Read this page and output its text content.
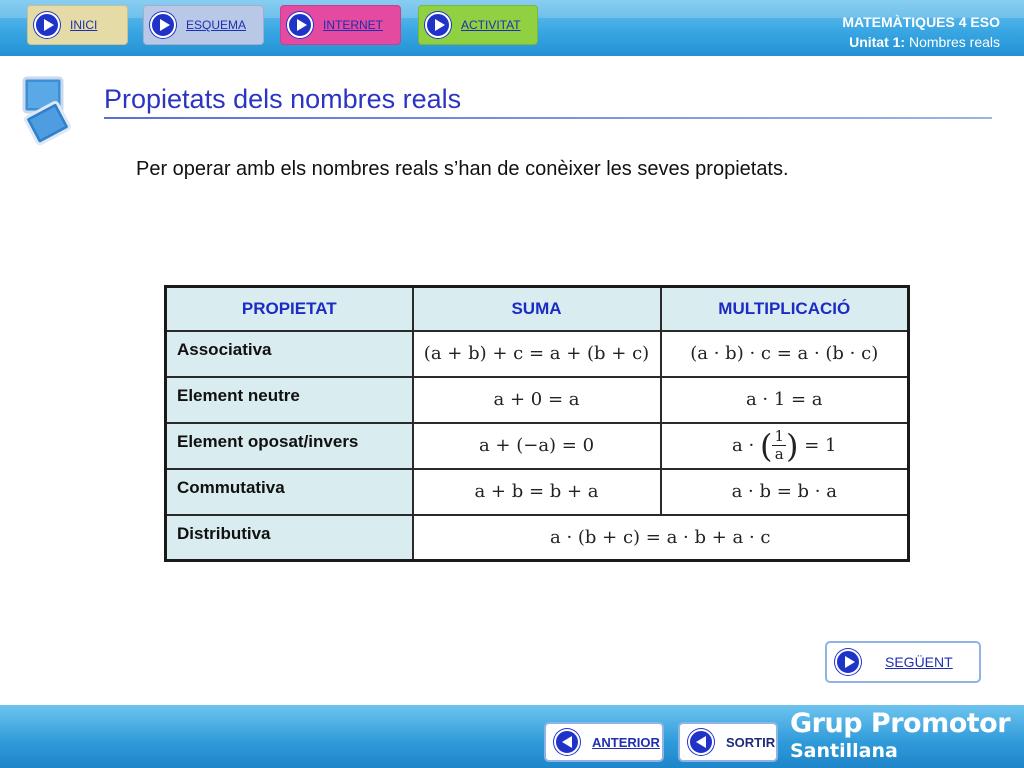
INICI	ESQUEMA	INTERNET	ACTIVITAT	MATEMÀTIQUES 4 ESO
Unitat 1: Nombres reals
Propietats dels nombres reals
Per operar amb els nombres reals s’han de conèixer les seves propietats.
PROPIETAT	SUMA	MULTIPLICACIÓ
Associativa	(a + b) + c = a + (b + c)	(a · b) · c = a · (b · c)
Element neutre	a + 0 = a	a · 1 = a
Element oposat/invers	a + (−a) = 0	a · ( $\frac{1}{a}$ ) = 1
Commutativa	a + b = b + a	a · b = b · a
Distributiva	a · (b + c) = a · b + a · c	
SEGÜENT
ANTERIOR	SORTIR
Grup Promotor
Santillana
